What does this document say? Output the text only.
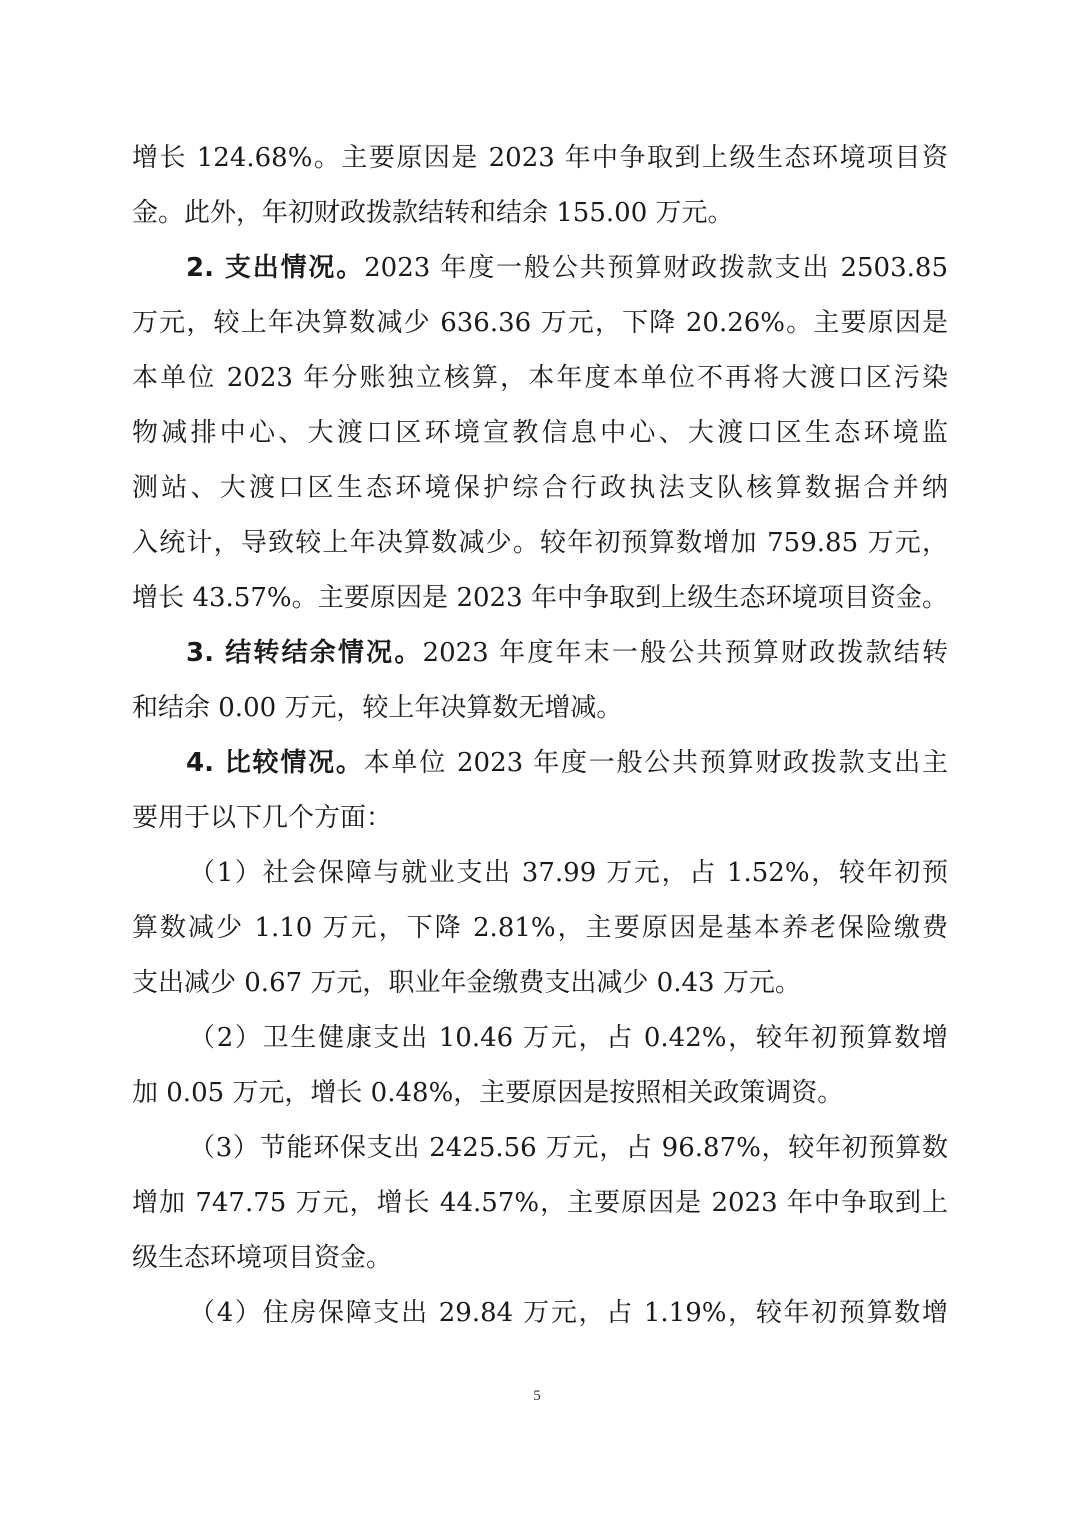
增长 124.68%。主要原因是 2023 年中争取到上级生态环境项目资
金。此外，年初财政拨款结转和结余 155.00 万元。
2. 支出情况。2023 年度一般公共预算财政拨款支出 2503.85
万元，较上年决算数减少 636.36 万元，下降 20.26%。主要原因是
本单位 2023 年分账独立核算，本年度本单位不再将大渡口区污染
物减排中心、大渡口区环境宣教信息中心、大渡口区生态环境监
测站、大渡口区生态环境保护综合行政执法支队核算数据合并纳
入统计，导致较上年决算数减少。较年初预算数增加 759.85 万元，
增长 43.57%。主要原因是 2023 年中争取到上级生态环境项目资金。
3. 结转结余情况。2023 年度年末一般公共预算财政拨款结转
和结余 0.00 万元，较上年决算数无增减。
4. 比较情况。本单位 2023 年度一般公共预算财政拨款支出主
要用于以下几个方面：
（1）社会保障与就业支出 37.99 万元，占 1.52%，较年初预
算数减少 1.10 万元，下降 2.81%，主要原因是基本养老保险缴费
支出减少 0.67 万元，职业年金缴费支出减少 0.43 万元。
（2）卫生健康支出 10.46 万元，占 0.42%，较年初预算数增
加 0.05 万元，增长 0.48%，主要原因是按照相关政策调资。
（3）节能环保支出 2425.56 万元，占 96.87%，较年初预算数
增加 747.75 万元，增长 44.57%，主要原因是 2023 年中争取到上
级生态环境项目资金。
（4）住房保障支出 29.84 万元，占 1.19%，较年初预算数增
5
